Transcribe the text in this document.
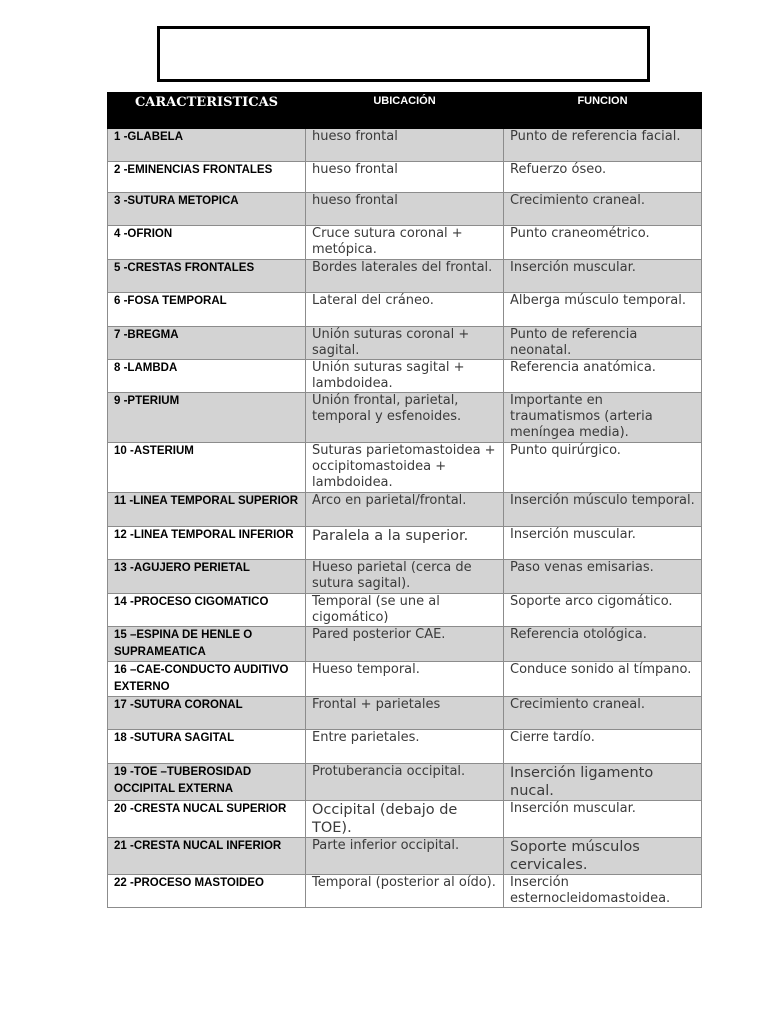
CARACTERISTICAS	UBICACIÓN	FUNCION
1 -GLABELA	hueso frontal	Punto de referencia facial.
2 -EMINENCIAS FRONTALES	hueso frontal	Refuerzo óseo.
3 -SUTURA METOPICA	hueso frontal	Crecimiento craneal.
4 -OFRION	Cruce sutura coronal + metópica.	Punto craneométrico.
5 -CRESTAS FRONTALES	Bordes laterales del frontal.	Inserción muscular.
6 -FOSA TEMPORAL	Lateral del cráneo.	Alberga músculo temporal.
7 -BREGMA	Unión suturas coronal + sagital.	Punto de referencia neonatal.
8 -LAMBDA	Unión suturas sagital + lambdoidea.	Referencia anatómica.
9 -PTERIUM	Unión frontal, parietal, temporal y esfenoides.	Importante en traumatismos (arteria meníngea media).
10 -ASTERIUM	Suturas parietomastoidea + occipitomastoidea + lambdoidea.	Punto quirúrgico.
11 -LINEA TEMPORAL SUPERIOR	Arco en parietal/frontal.	Inserción músculo temporal.
12 -LINEA TEMPORAL INFERIOR	Paralela a la superior.	Inserción muscular.
13 -AGUJERO PERIETAL	Hueso parietal (cerca de sutura sagital).	Paso venas emisarias.
14 -PROCESO CIGOMATICO	Temporal (se une al cigomático)	Soporte arco cigomático.
15 –ESPINA DE HENLE O SUPRAMEATICA	Pared posterior CAE.	Referencia otológica.
16 –CAE-CONDUCTO AUDITIVO EXTERNO	Hueso temporal.	Conduce sonido al tímpano.
17 -SUTURA CORONAL	Frontal + parietales	Crecimiento craneal.
18 -SUTURA SAGITAL	Entre parietales.	Cierre tardío.
19 -TOE –TUBEROSIDAD OCCIPITAL EXTERNA	Protuberancia occipital.	Inserción ligamento nucal.
20 -CRESTA NUCAL SUPERIOR	Occipital (debajo de TOE).	Inserción muscular.
21 -CRESTA NUCAL INFERIOR	Parte inferior occipital.	Soporte músculos cervicales.
22 -PROCESO MASTOIDEO	Temporal (posterior al oído).	Inserción esternocleidomastoidea.
